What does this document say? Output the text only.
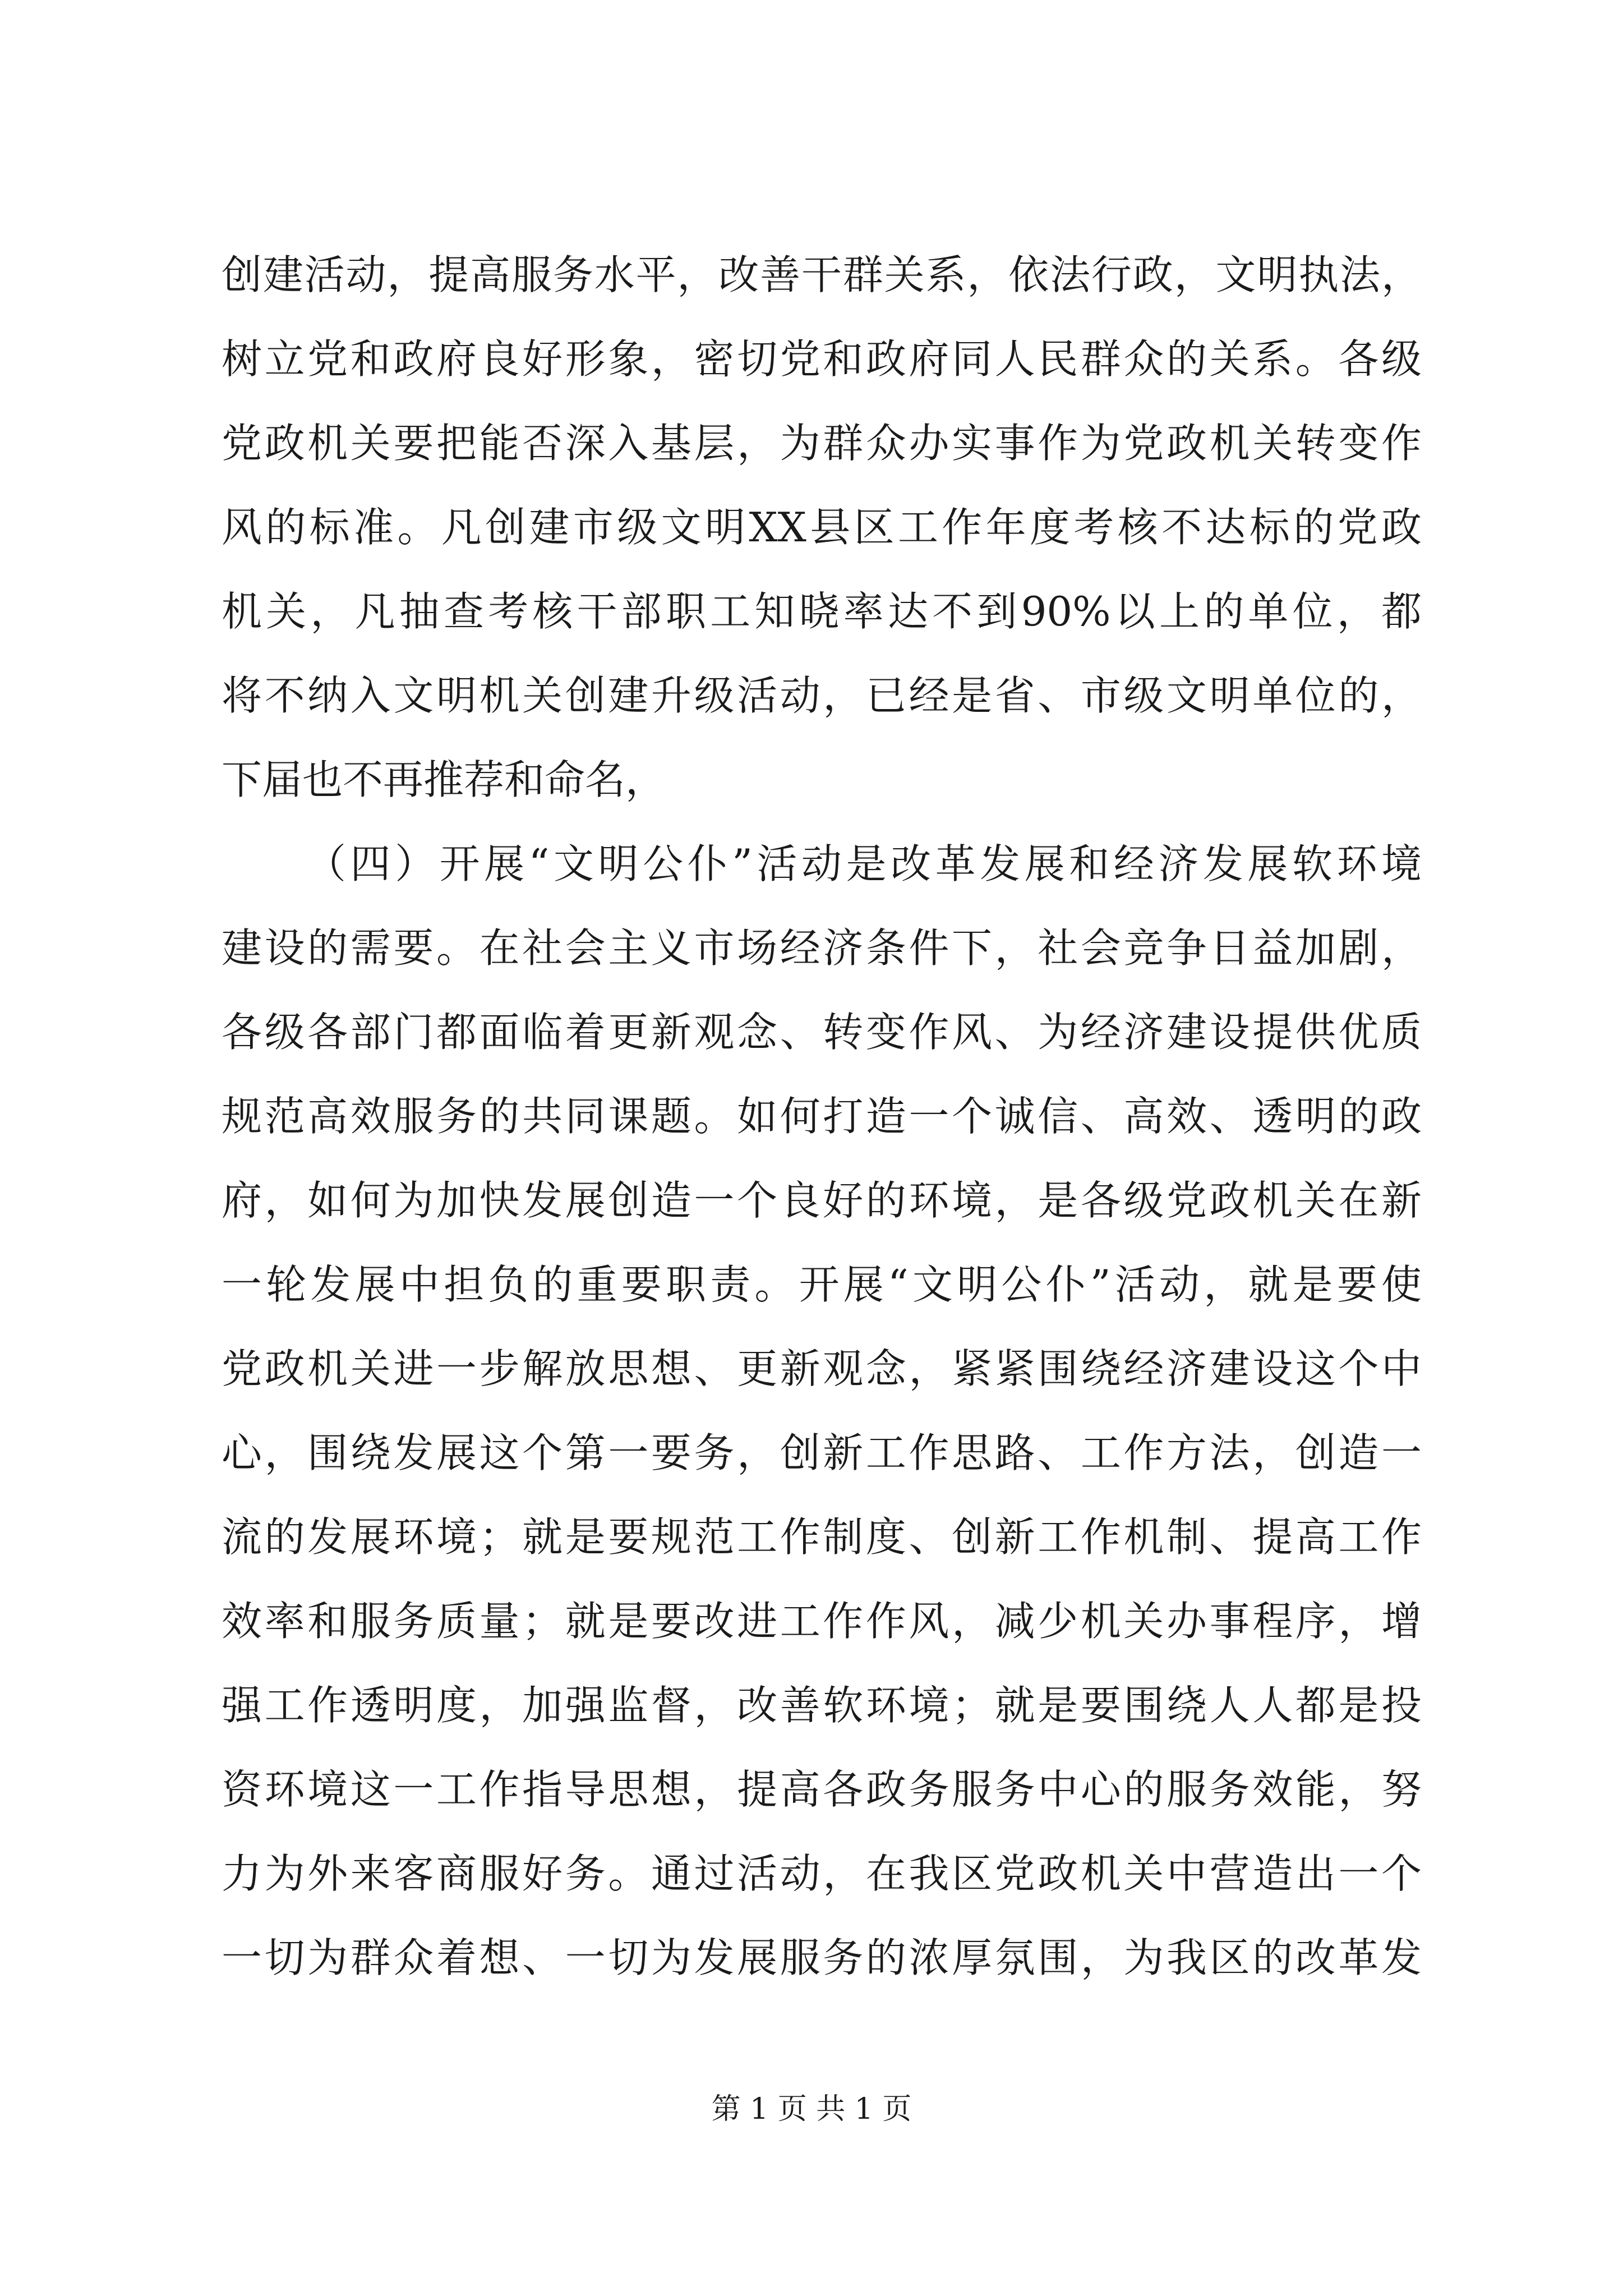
创建活动，提高服务水平，改善干群关系，依法行政，文明执法，
树立党和政府良好形象，密切党和政府同人民群众的关系。各级
党政机关要把能否深入基层，为群众办实事作为党政机关转变作
风的标准。凡创建市级文明XX县区工作年度考核不达标的党政
机关，凡抽查考核干部职工知晓率达不到90%以上的单位，都
将不纳入文明机关创建升级活动，已经是省、市级文明单位的，
下届也不再推荐和命名，
（四）开展“文明公仆”活动是改革发展和经济发展软环境
建设的需要。在社会主义市场经济条件下，社会竞争日益加剧，
各级各部门都面临着更新观念、转变作风、为经济建设提供优质
规范高效服务的共同课题。如何打造一个诚信、高效、透明的政
府，如何为加快发展创造一个良好的环境，是各级党政机关在新
一轮发展中担负的重要职责。开展“文明公仆”活动，就是要使
党政机关进一步解放思想、更新观念，紧紧围绕经济建设这个中
心，围绕发展这个第一要务，创新工作思路、工作方法，创造一
流的发展环境；就是要规范工作制度、创新工作机制、提高工作
效率和服务质量；就是要改进工作作风，减少机关办事程序，增
强工作透明度，加强监督，改善软环境；就是要围绕人人都是投
资环境这一工作指导思想，提高各政务服务中心的服务效能，努
力为外来客商服好务。通过活动，在我区党政机关中营造出一个
一切为群众着想、一切为发展服务的浓厚氛围，为我区的改革发
第 1 页 共 1 页
